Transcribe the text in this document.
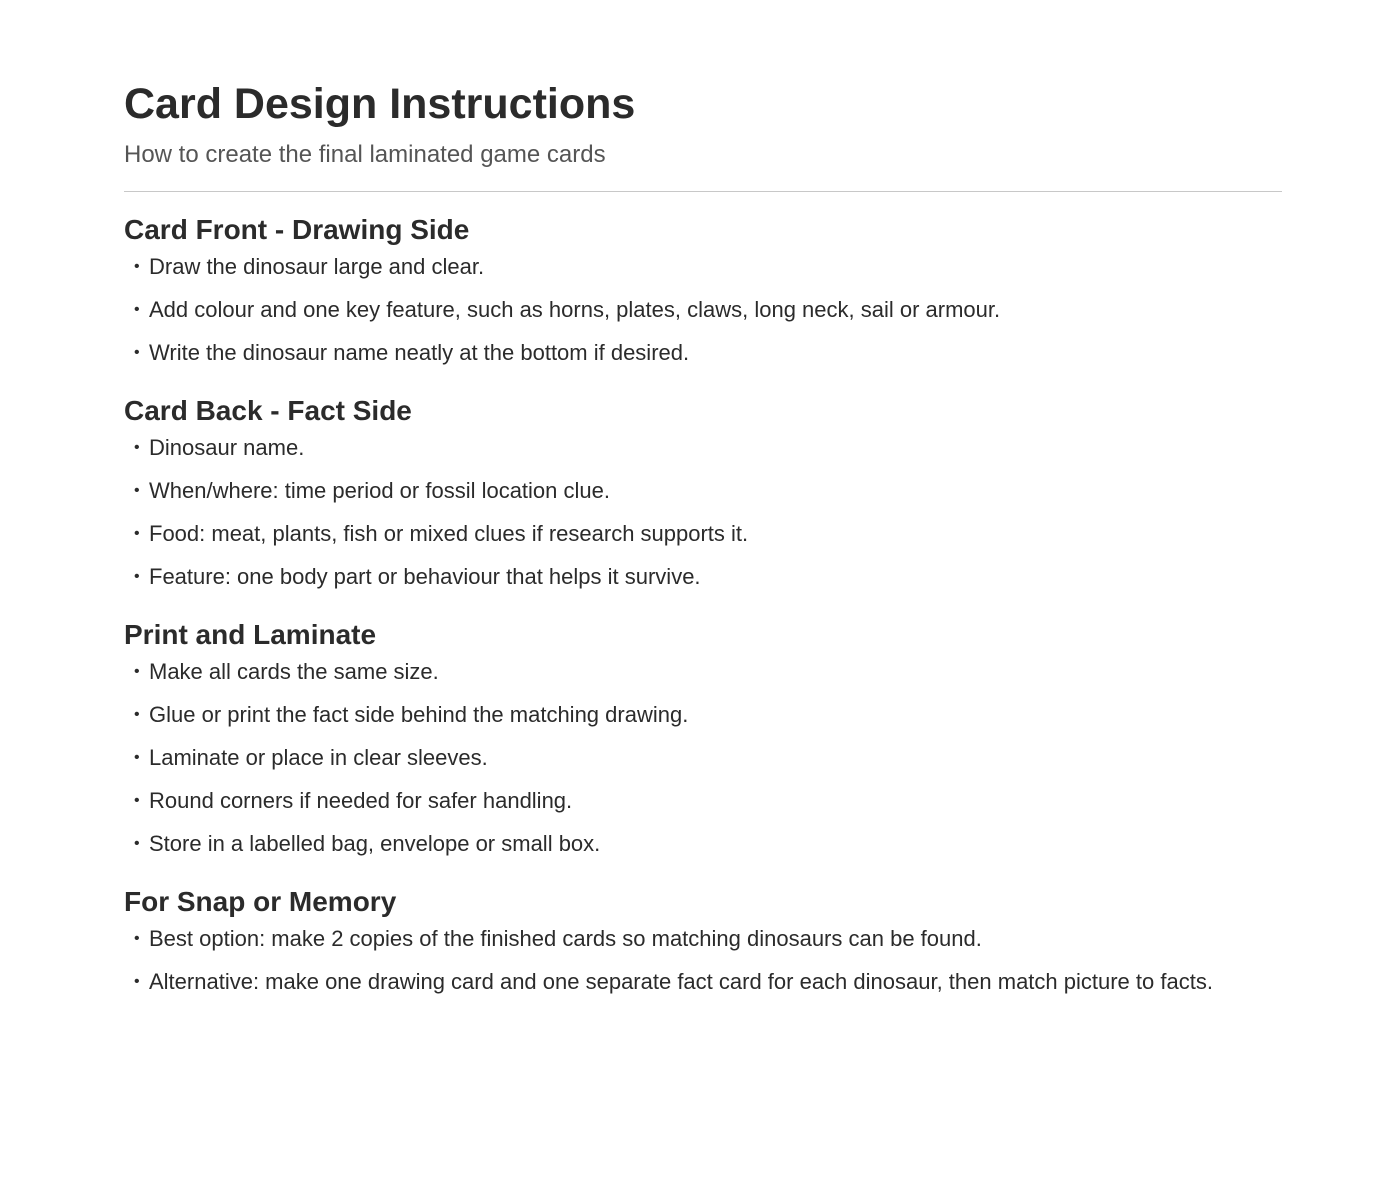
Card Design Instructions

How to create the final laminated game cards

Card Front - Drawing Side
• Draw the dinosaur large and clear.
• Add colour and one key feature, such as horns, plates, claws, long neck, sail or armour.
• Write the dinosaur name neatly at the bottom if desired.
Card Back - Fact Side
• Dinosaur name.
• When/where: time period or fossil location clue.
• Food: meat, plants, fish or mixed clues if research supports it.
• Feature: one body part or behaviour that helps it survive.
Print and Laminate
• Make all cards the same size.
• Glue or print the fact side behind the matching drawing.
• Laminate or place in clear sleeves.
• Round corners if needed for safer handling.
• Store in a labelled bag, envelope or small box.
For Snap or Memory
• Best option: make 2 copies of the finished cards so matching dinosaurs can be found.
• Alternative: make one drawing card and one separate fact card for each dinosaur, then match picture to facts.
